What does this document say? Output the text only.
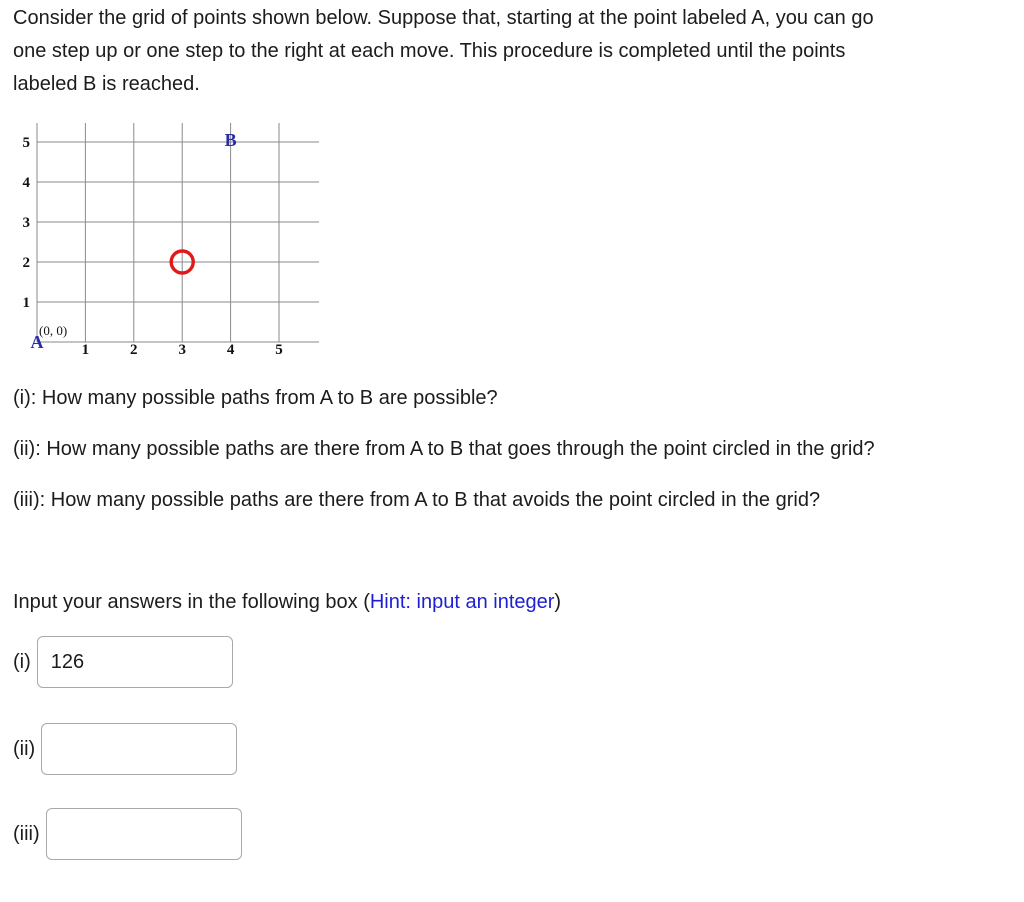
Consider the grid of points shown below. Suppose that, starting at the point labeled A, you can go
one step up or one step to the right at each move. This procedure is completed until the points
labeled B is reached.
1
2
3
4
5
1	2	3	4	5
(0, 0)
A
B
(i): How many possible paths from A to B are possible?
(ii): How many possible paths are there from A to B that goes through the point circled in the grid?
(iii): How many possible paths are there from A to B that avoids the point circled in the grid?
Input your answers in the following box (Hint: input an integer)
(i)
126
(ii)
(iii)
